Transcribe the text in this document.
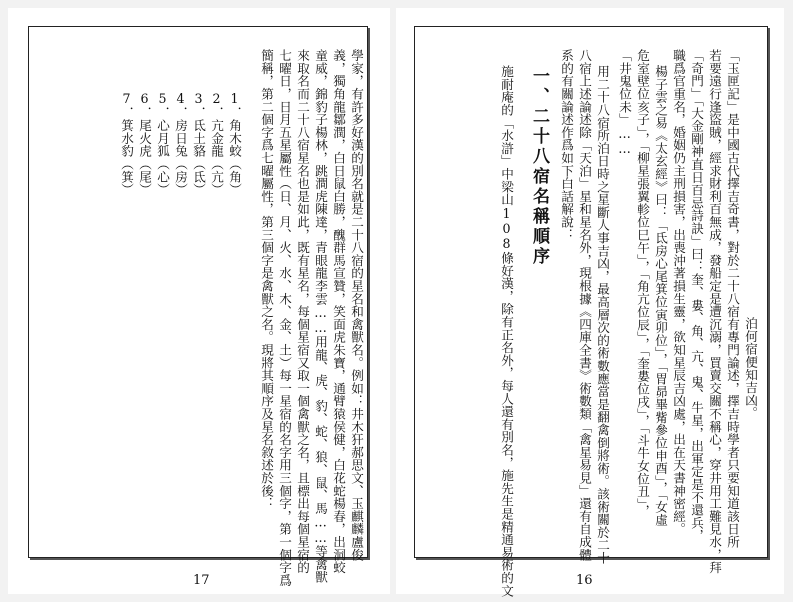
學家，有許多好漢的別名就是二十八宿的星名和禽獸名。例如：井木犴郝思文、玉麒麟盧俊
義，獨角龍鄒潤，白日鼠白勝，醜群馬宣贊，笑面虎朱寶，通臂猿侯健，白花蛇楊春，出洞蛟
童威，錦豹子楊林，跳澗虎陳達，青眼龍李雲……用龍、虎、豹、蛇、狼、鼠、馬……等禽獸
來取名而二十八宿星名也是如此，既有星名，每個星宿又取一個禽獸之名，且標出每個星宿的
七曜日，日月五星屬性（日、月、火、水、木、金、土）每一星宿的名字用三個字，第一個字爲
簡稱，第二個字爲七曜屬性，第三個字是禽獸之名。現將其順序及星名敘述於後：
1．角木蛟（角）
2．亢金龍（亢）
3．氐土貉（氐）
4．房日兔（房）
5．心月狐（心）
6．尾火虎（尾）
7．箕水豹（箕）
17
泊何宿便知吉凶。
「玉匣記」是中國古代擇吉奇書，對於二十八宿有專門論述，擇吉時學者只要知道該日所
若要遠行逢盜賊，經求財利百無成，發船定是遭沉溺，買賣交關不稱心，穿井用工難見水，拜
「奇門」「大金剛神直日百忌詩訣」曰：奎、婁、角、亢、鬼、牛星，出軍定是不還兵，
職爲官重名，婚姻仍主刑損害，出喪沖著損生靈，欲知星辰吉凶處，出在天書神密經。
楊子雲之易《太玄經》曰：「氐房心尾箕位寅卯位」，「胃昴畢觜參位申酉」，「女虛
危室壁位亥子」，「柳星張翼軫位巳午」，「角亢位辰」，「奎婁位戌」，「斗牛女位丑」，
「井鬼位未」……
用二十八宿所泊日時之星斷人事吉凶，最高層次的術數應當是翻禽倒將術。該術關於二十
八宿上述論述除「天泊」星和星名外，現根據《四庫全書》術數類「禽星易見」還有自成體
系的有關論述作爲如下白話解說：
一、二十八宿名稱順序
施耐庵的「水滸」中梁山108條好漢，除有正名外，每人還有別名，施先生是精通易術的文	16
